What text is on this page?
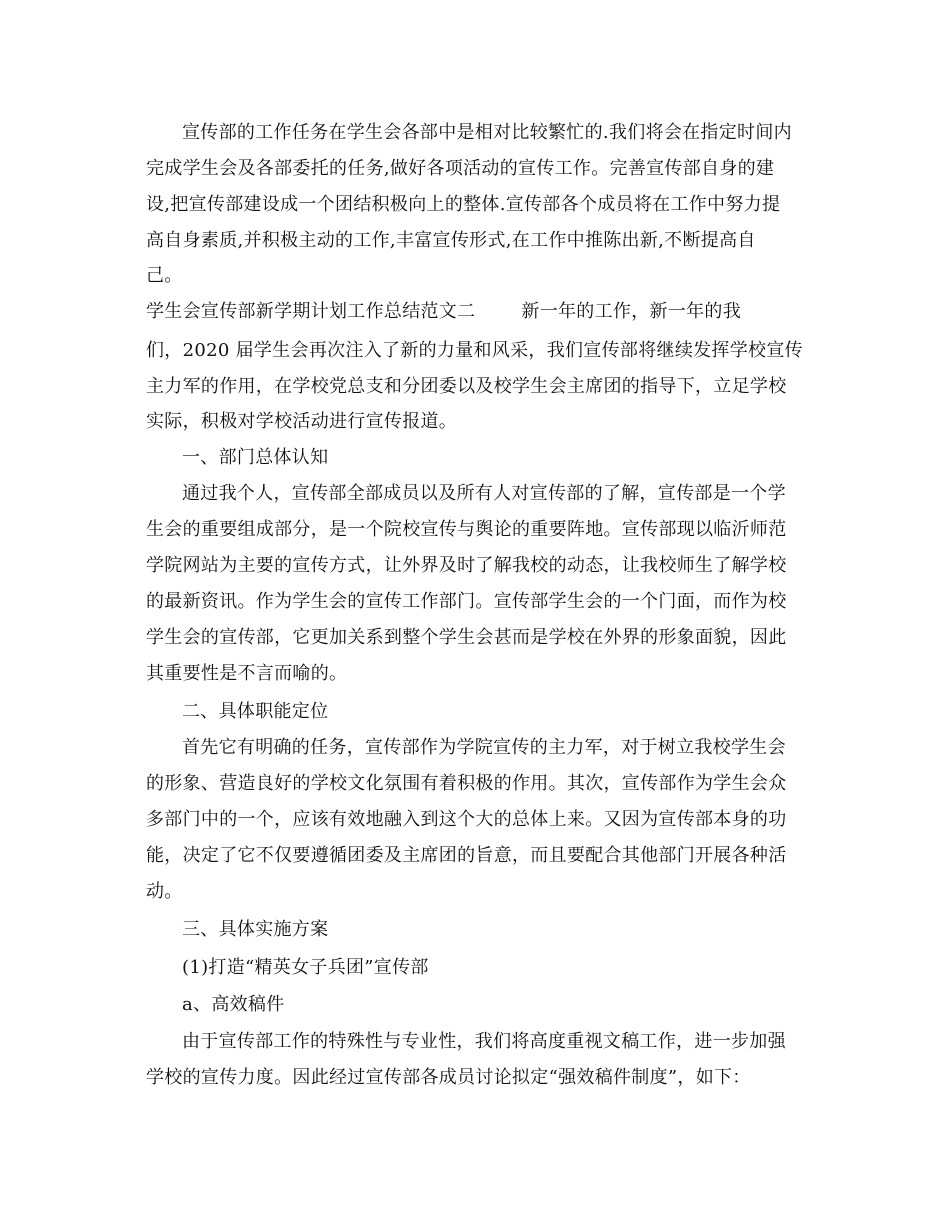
宣传部的工作任务在学生会各部中是相对比较繁忙的.我们将会在指定时间内
完成学生会及各部委托的任务,做好各项活动的宣传工作。完善宣传部自身的建
设,把宣传部建设成一个团结积极向上的整体.宣传部各个成员将在工作中努力提
高自身素质,并积极主动的工作,丰富宣传形式,在工作中推陈出新,不断提高自
己。
学生会宣传部新学期计划工作总结范文二	新一年的工作，新一年的我
们，2020 届学生会再次注入了新的力量和风采，我们宣传部将继续发挥学校宣传
主力军的作用，在学校党总支和分团委以及校学生会主席团的指导下，立足学校
实际，积极对学校活动进行宣传报道。
一、部门总体认知
通过我个人，宣传部全部成员以及所有人对宣传部的了解，宣传部是一个学
生会的重要组成部分，是一个院校宣传与舆论的重要阵地。宣传部现以临沂师范
学院网站为主要的宣传方式，让外界及时了解我校的动态，让我校师生了解学校
的最新资讯。作为学生会的宣传工作部门。宣传部学生会的一个门面，而作为校
学生会的宣传部，它更加关系到整个学生会甚而是学校在外界的形象面貌，因此
其重要性是不言而喻的。
二、具体职能定位
首先它有明确的任务，宣传部作为学院宣传的主力军，对于树立我校学生会
的形象、营造良好的学校文化氛围有着积极的作用。其次，宣传部作为学生会众
多部门中的一个，应该有效地融入到这个大的总体上来。又因为宣传部本身的功
能，决定了它不仅要遵循团委及主席团的旨意，而且要配合其他部门开展各种活
动。
三、具体实施方案
(1)打造“精英女子兵团”宣传部
a、高效稿件
由于宣传部工作的特殊性与专业性，我们将高度重视文稿工作，进一步加强
学校的宣传力度。因此经过宣传部各成员讨论拟定“强效稿件制度”，如下：
